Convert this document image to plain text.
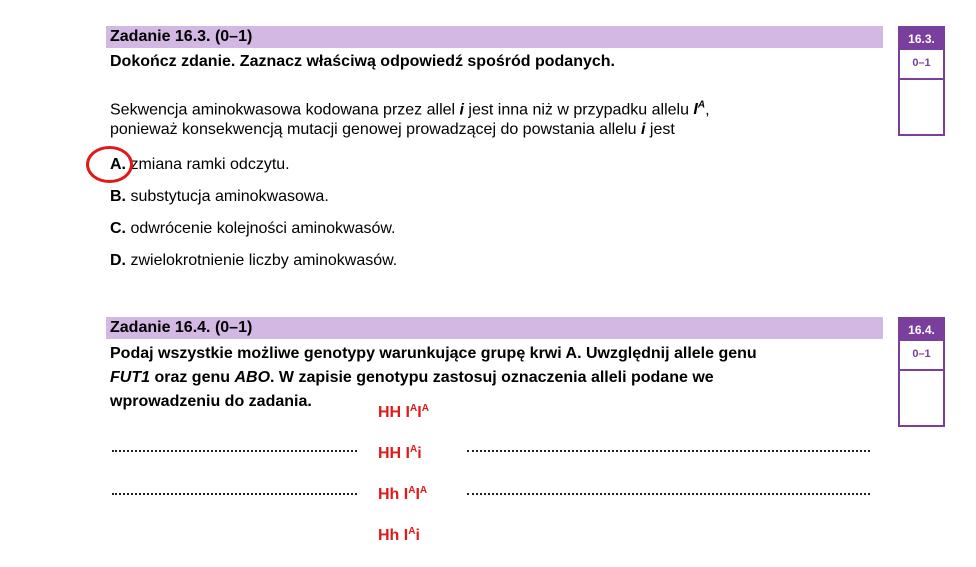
Zadanie 16.3. (0–1)
Dokończ zdanie. Zaznacz właściwą odpowiedź spośród podanych.
Sekwencja aminokwasowa kodowana przez allel i jest inna niż w przypadku allelu $I^A$,
ponieważ konsekwencją mutacji genowej prowadzącej do powstania allelu i jest
A. zmiana ramki odczytu.
B. substytucja aminokwasowa.
C. odwrócenie kolejności aminokwasów.
D. zwielokrotnienie liczby aminokwasów.
16.3.
0–1
Zadanie 16.4. (0–1)
Podaj wszystkie możliwe genotypy warunkujące grupę krwi A. Uwzględnij allele genu
FUT1 oraz genu ABO. W zapisie genotypu zastosuj oznaczenia alleli podane we
wprowadzeniu do zadania.
16.4.
0–1
HH $I^AI^A$
HH $I^Ai$
Hh $I^AI^A$
Hh $I^Ai$
